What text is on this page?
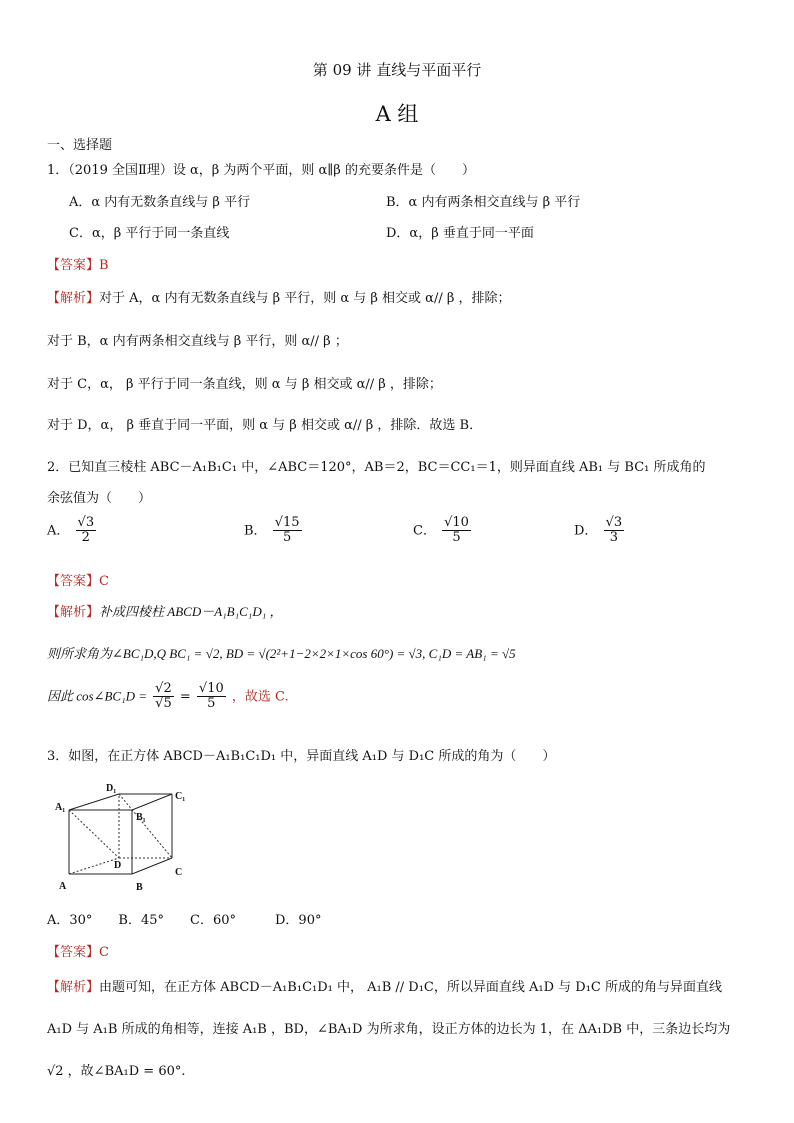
第 09 讲 直线与平面平行
A 组
一、选择题
1．（2019 全国Ⅱ理）设 α，β 为两个平面，则 α∥β 的充要条件是（　　）
A．α 内有无数条直线与 β 平行	B．α 内有两条相交直线与 β 平行
C．α，β 平行于同一条直线	D．α，β 垂直于同一平面
【答案】B
【解析】对于 A，α 内有无数条直线与 β 平行，则 α 与 β 相交或 α// β ，排除；
对于 B，α 内有两条相交直线与 β 平行，则 α// β ；
对于 C，α， β 平行于同一条直线，则 α 与 β 相交或 α// β ，排除；
对于 D，α， β 垂直于同一平面，则 α 与 β 相交或 α// β ，排除．故选 B．
2．已知直三棱柱 ABC－A₁B₁C₁ 中，∠ABC＝120°，AB＝2，BC＝CC₁＝1，则异面直线 AB₁ 与 BC₁ 所成角的
余弦值为（　　）
A． $\frac{√3}{2}$	B． $\frac{√15}{5}$	C． $\frac{√10}{5}$	D． $\frac{√3}{3}$
【答案】C
【解析】补成四棱柱 ABCD－A₁B₁C₁D₁ ，
则所求角为∠BC₁D,Q BC₁ = √2, BD = √(2²+1−2×2×1×cos 60°) = √3, C₁D = AB₁ = √5
因此 cos∠BC₁D = $\frac{√2}{√5} = \frac{√10}{5}$ ，故选 C.
3．如图，在正方体 ABCD－A₁B₁C₁D₁ 中，异面直线 A₁D 与 D₁C 所成的角为（　　）
D₁
C₁
A₁
B₁
D
C
A	B
A．30°　　B．45°　　C．60°　　　D．90°
【答案】C
【解析】由题可知，在正方体 ABCD－A₁B₁C₁D₁ 中， A₁B // D₁C，所以异面直线 A₁D 与 D₁C 所成的角与异面直线
A₁D 与 A₁B 所成的角相等，连接 A₁B ，BD，∠BA₁D 为所求角，设正方体的边长为 1，在 ΔA₁DB 中，三条边长均为
√2 ，故∠BA₁D = 60°.
